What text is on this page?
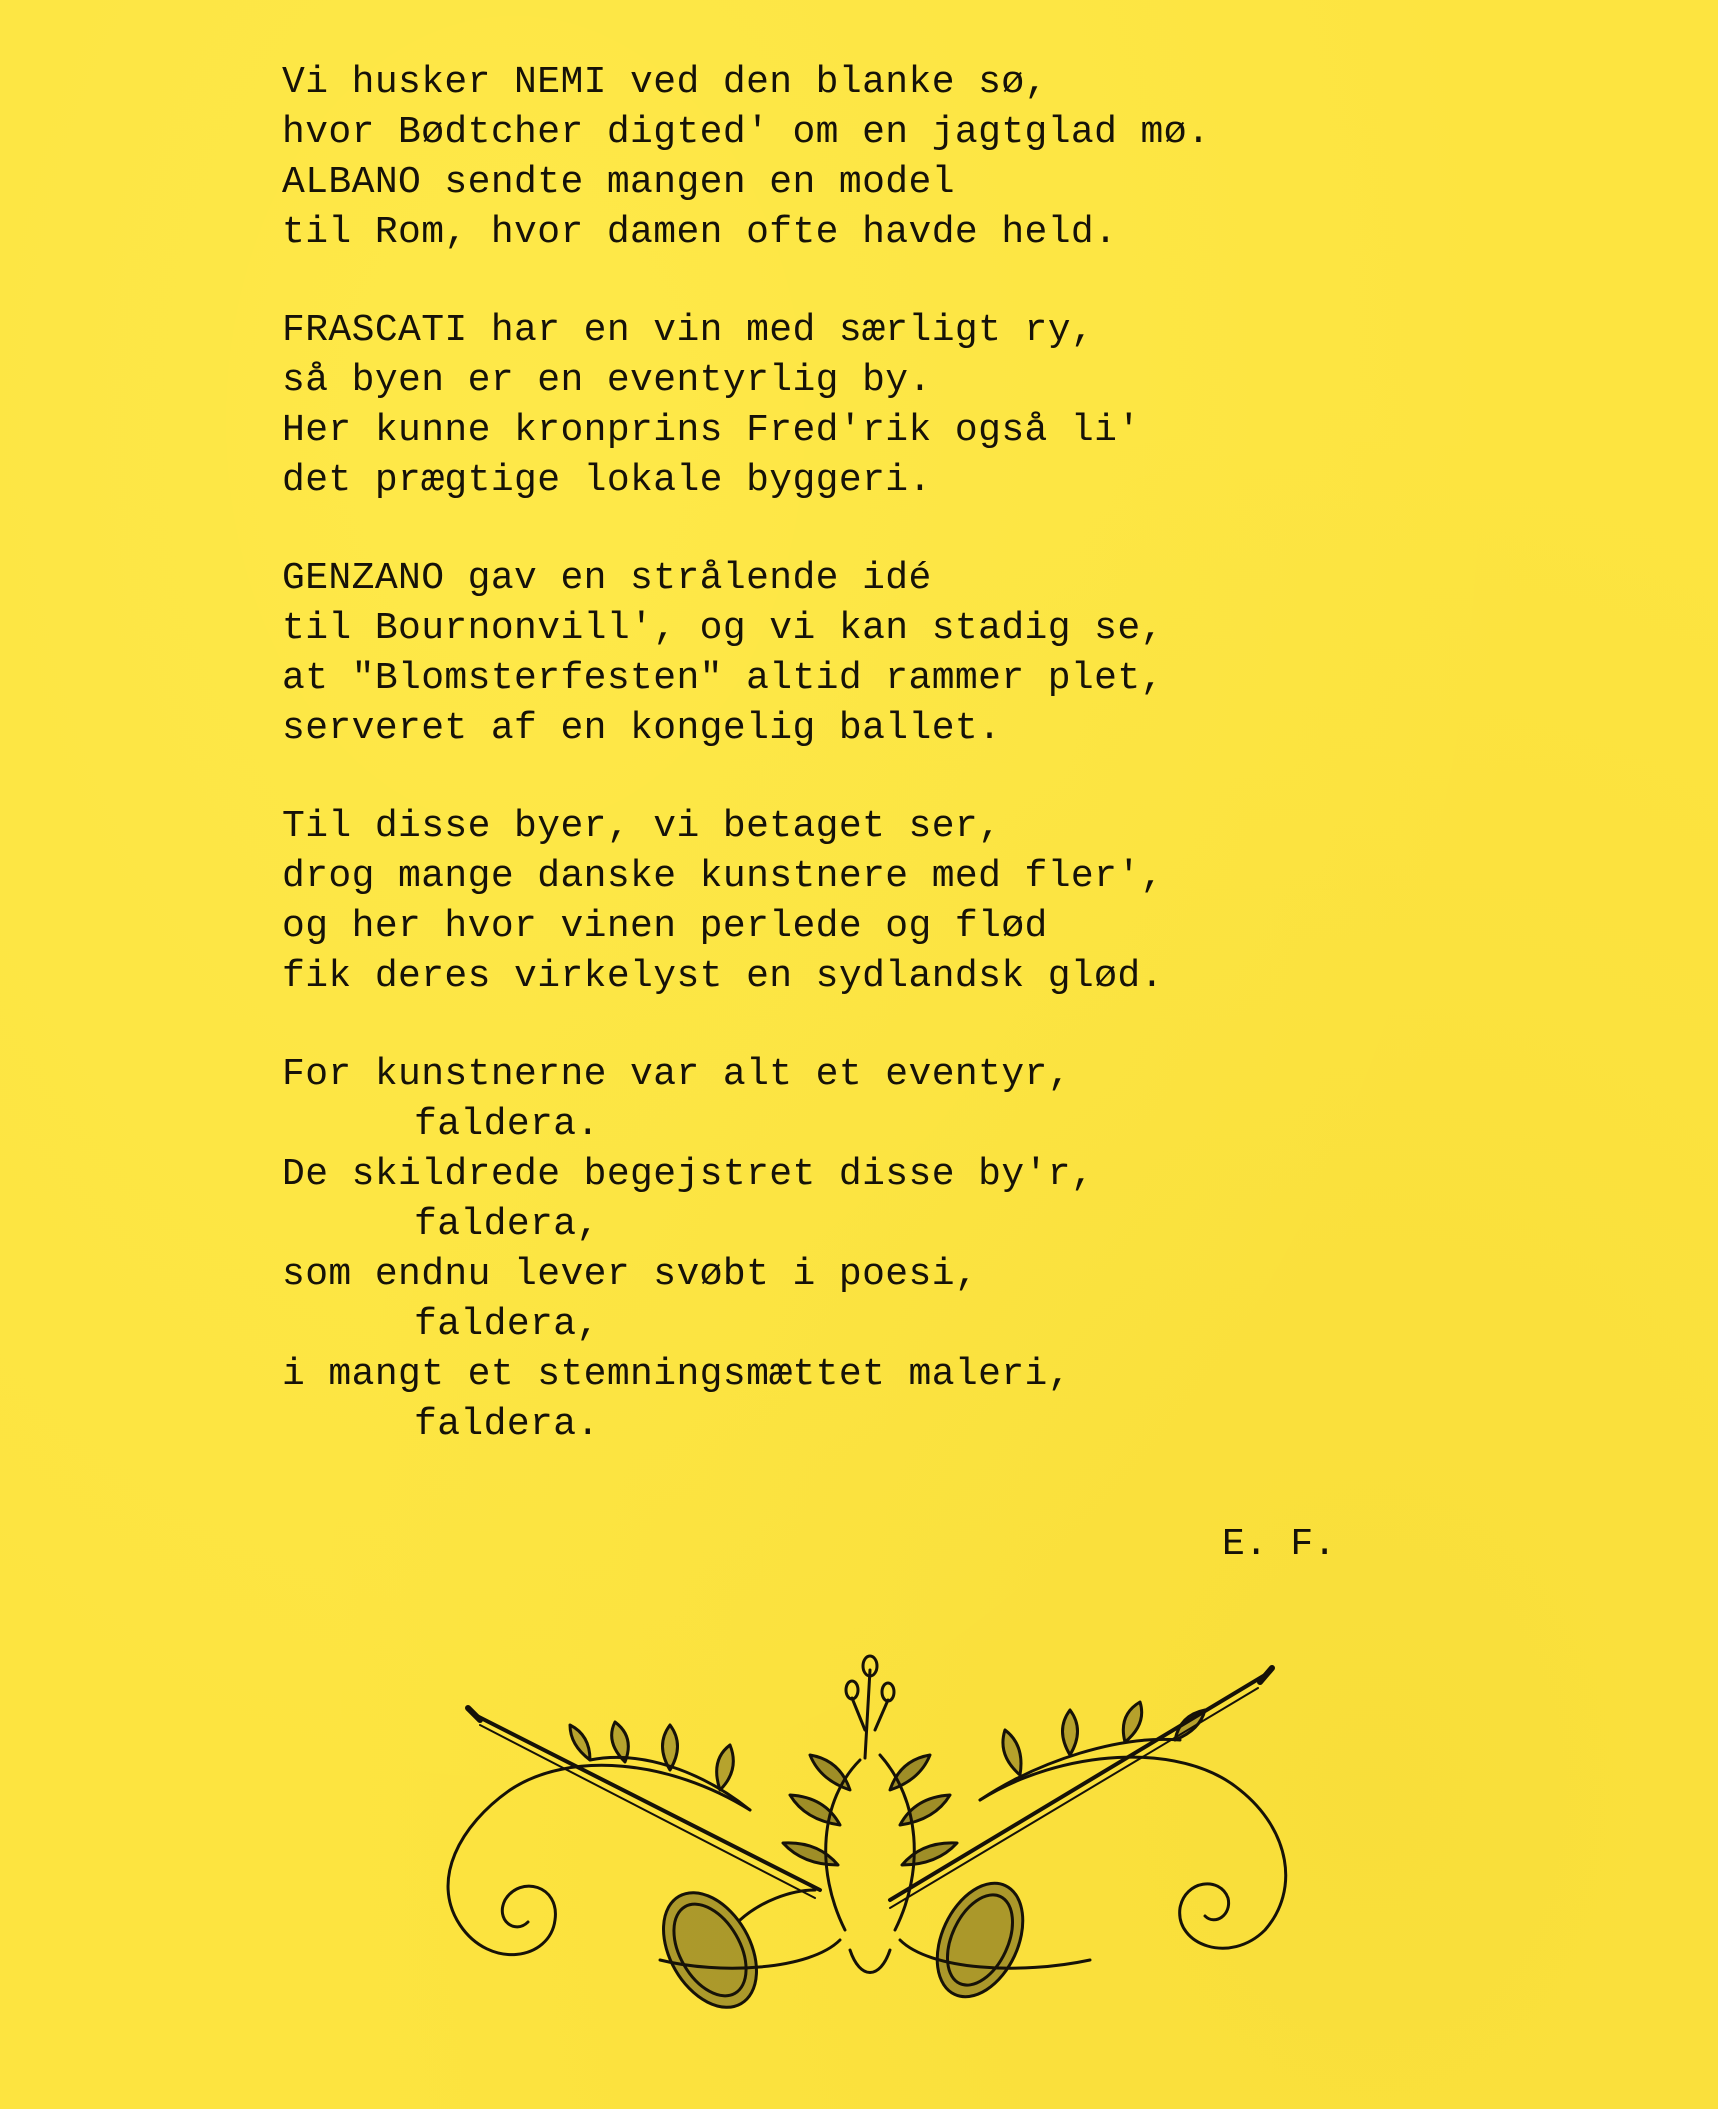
Vi husker NEMI ved den blanke sø,
hvor Bødtcher digted' om en jagtglad mø.
ALBANO sendte mangen en model
til Rom, hvor damen ofte havde held.
FRASCATI har en vin med særligt ry,
så byen er en eventyrlig by.
Her kunne kronprins Fred'rik også li'
det prægtige lokale byggeri.
GENZANO gav en strålende idé
til Bournonvill', og vi kan stadig se,
at "Blomsterfesten" altid rammer plet,
serveret af en kongelig ballet.
Til disse byer, vi betaget ser,
drog mange danske kunstnere med fler',
og her hvor vinen perlede og flød
fik deres virkelyst en sydlandsk glød.
For kunstnerne var alt et eventyr,
faldera.
De skildrede begejstret disse by'r,
faldera,
som endnu lever svøbt i poesi,
faldera,
i mangt et stemningsmættet maleri,
faldera.
E. F.
